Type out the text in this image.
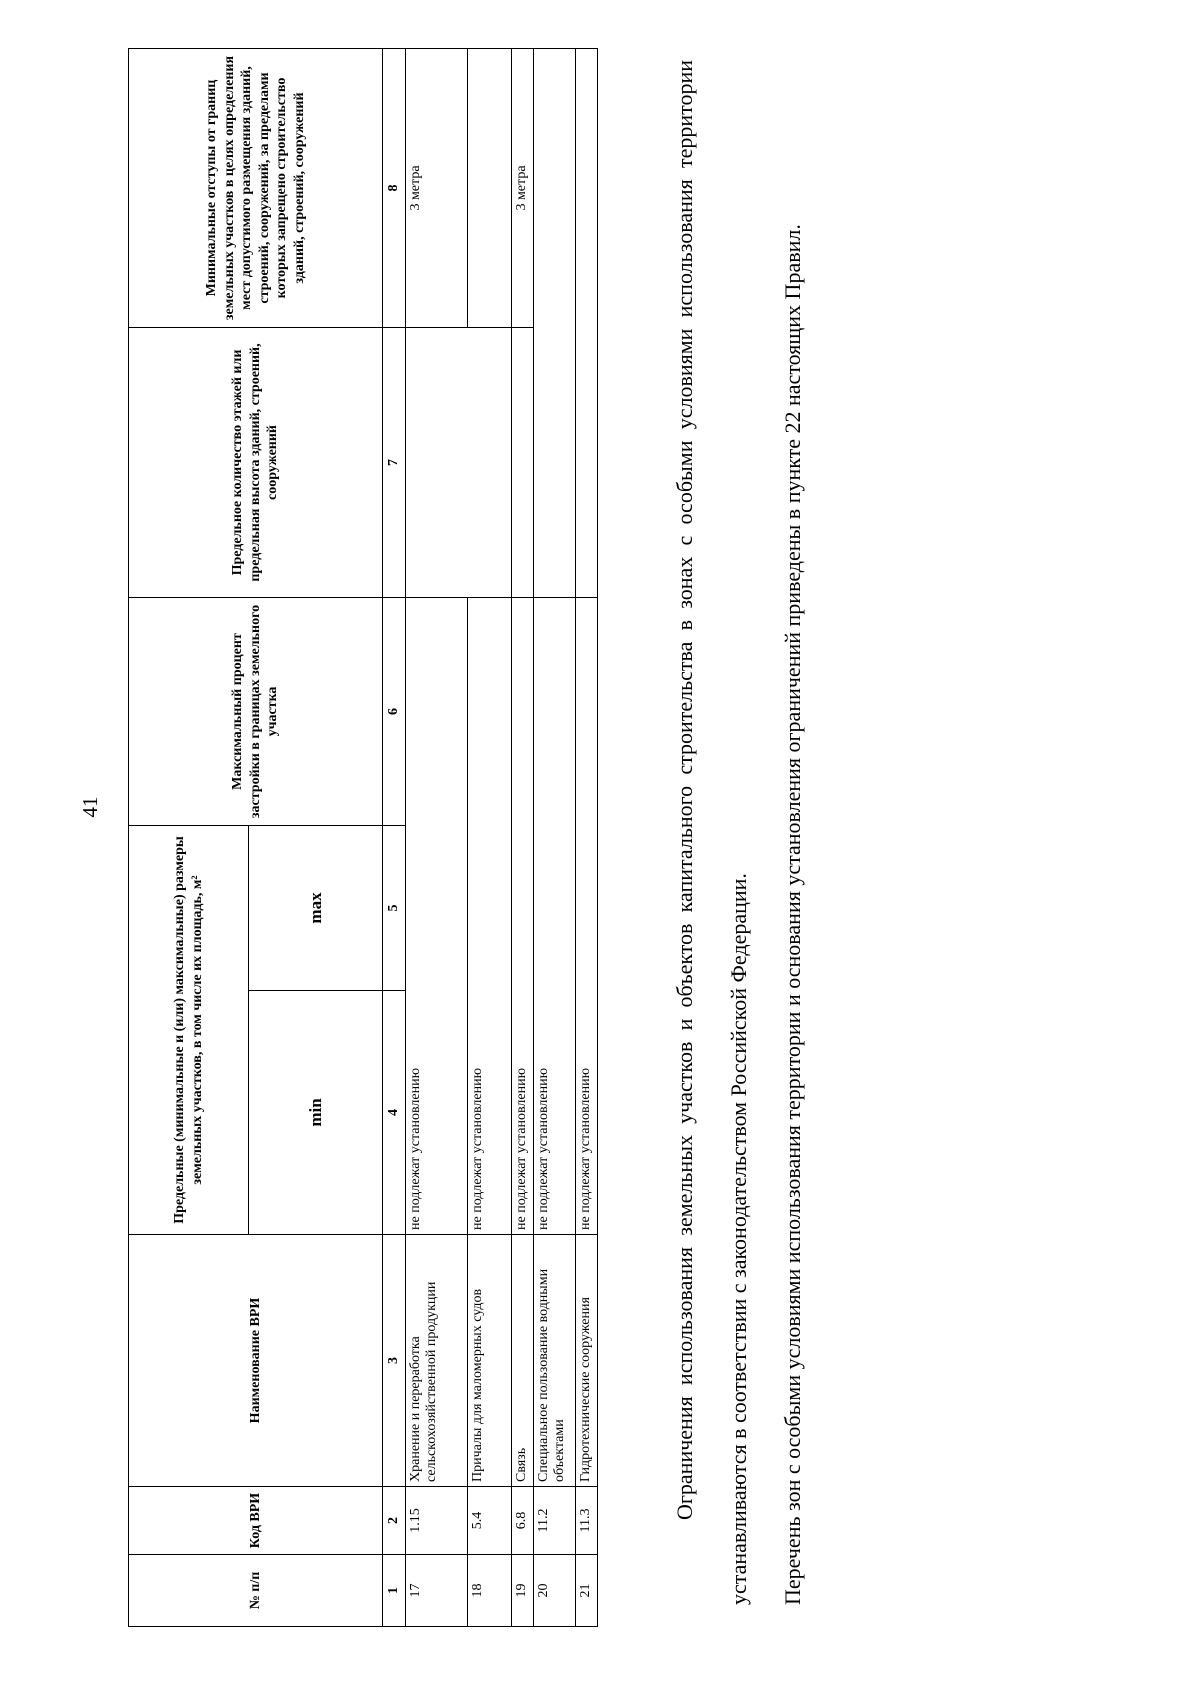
41
№ п/п	Код ВРИ	Наименование ВРИ	Предельные (минимальные и (или) максимальные) размеры земельных участков, в том числе их площадь, м²		Максимальный процент застройки в границах земельного участка	Предельное количество этажей или предельная высота зданий, строений, сооружений	Минимальные отступы от границ земельных участков в целях определения мест допустимого размещения зданий, строений, сооружений, за пределами которых запрещено строительство зданий, строений, сооружений
			min	max			
1	2	3	4	5	6	7	8
17	1.15	Хранение и переработка сельскохозяйственной продукции	не подлежат установлению				3 метра
18	5.4	Причалы для маломерных судов	не подлежат установлению				
19	6.8	Связь	не подлежат установлению				3 метра
20	11.2	Специальное пользование водными объектами	не подлежат установлению				
21	11.3	Гидротехнические сооружения	не подлежат установлению					Ограничения использования земельных участков и объектов капитального строительства в зонах с особыми условиями использования территории устанавливаются в соответствии с законодательством Российской Федерации.	Перечень зон с особыми условиями использования территории и основания установления ограничений приведены в пункте 22 настоящих Правил.
